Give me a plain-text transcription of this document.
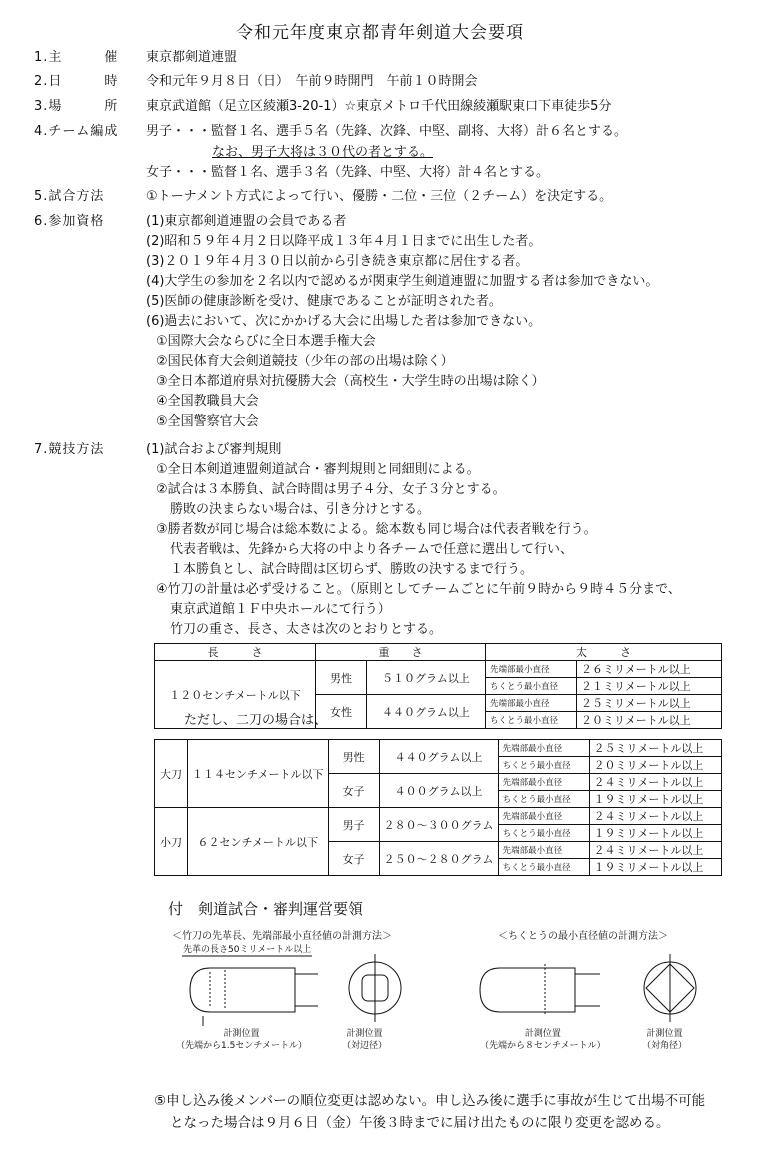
令和元年度東京都青年剣道大会要項
1.主　　　催	東京都剣道連盟
2.日　　　時	令和元年９月８日（日）　午前９時開門　午前１０時開会
3.場　　　所	東京武道館（足立区綾瀬3-20-1）☆東京メトロ千代田線綾瀬駅東口下車徒歩5分
4.チーム編成	男子・・・監督１名、選手５名（先鋒、次鋒、中堅、副将、大将）計６名とする。
なお、男子大将は３０代の者とする。
女子・・・監督１名、選手３名（先鋒、中堅、大将）計４名とする。
5.試合方法	①トーナメント方式によって行い、優勝・二位・三位（２チーム）を決定する。
6.参加資格	(1)東京都剣道連盟の会員である者
(2)昭和５９年４月２日以降平成１３年４月１日までに出生した者。
(3)２０１９年４月３０日以前から引き続き東京都に居住する者。
(4)大学生の参加を２名以内で認めるが関東学生剣道連盟に加盟する者は参加できない。
(5)医師の健康診断を受け、健康であることが証明された者。
(6)過去において、次にかかげる大会に出場した者は参加できない。
①国際大会ならびに全日本選手権大会
②国民体育大会剣道競技（少年の部の出場は除く）
③全日本都道府県対抗優勝大会（高校生・大学生時の出場は除く）
④全国教職員大会
⑤全国警察官大会
7.競技方法	(1)試合および審判規則
①全日本剣道連盟剣道試合・審判規則と同細則による。
②試合は３本勝負、試合時間は男子４分、女子３分とする。
勝敗の決まらない場合は、引き分けとする。
③勝者数が同じ場合は総本数による。総本数も同じ場合は代表者戦を行う。
代表者戦は、先鋒から大将の中より各チームで任意に選出して行い、
１本勝負とし、試合時間は区切らず、勝敗の決するまで行う。
④竹刀の計量は必ず受けること。（原則としてチームごとに午前９時から９時４５分まで、
東京武道館１Ｆ中央ホールにて行う）
竹刀の重さ、長さ、太さは次のとおりとする。
長　　　さ	重　　さ		太　　　さ	
１２０センチメートル以下	男性	５１０グラム以上	先端部最小直径	２６ミリメートル以上
			ちくとう最小直径	２１ミリメートル以上
	女性	４４０グラム以上	先端部最小直径	２５ミリメートル以上
			ちくとう最小直径	２０ミリメートル以上
ただし、二刀の場合は、
大刀	１１４センチメートル以下	男性	４４０グラム以上	先端部最小直径	２５ミリメートル以上
				ちくとう最小直径	２０ミリメートル以上
		女子	４００グラム以上	先端部最小直径	２４ミリメートル以上
				ちくとう最小直径	１９ミリメートル以上
小刀	６２センチメートル以下	男子	２８０～３００グラム	先端部最小直径	２４ミリメートル以上
				ちくとう最小直径	１９ミリメートル以上
		女子	２５０～２８０グラム	先端部最小直径	２４ミリメートル以上
				ちくとう最小直径	１９ミリメートル以上
付　剣道試合・審判運営要領
＜竹刀の先革長、先端部最小直径値の計測方法＞	＜ちくとうの最小直径値の計測方法＞
先革の長さ50ミリメートル以上
計測位置
（先端から1.5センチメートル）
計測位置
（対辺径）
計測位置
（先端から８センチメートル）
計測位置
（対角径）
⑤申し込み後メンバーの順位変更は認めない。申し込み後に選手に事故が生じて出場不可能
となった場合は９月６日（金）午後３時までに届け出たものに限り変更を認める。
